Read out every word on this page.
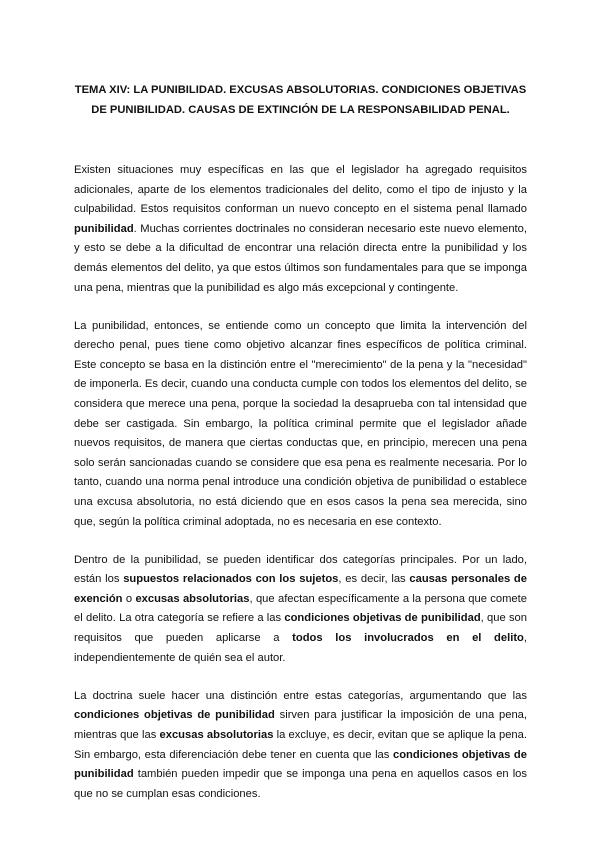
TEMA XIV: LA PUNIBILIDAD. EXCUSAS ABSOLUTORIAS. CONDICIONES OBJETIVAS DE PUNIBILIDAD. CAUSAS DE EXTINCIÓN DE LA RESPONSABILIDAD PENAL.

Existen situaciones muy específicas en las que el legislador ha agregado requisitos adicionales, aparte de los elementos tradicionales del delito, como el tipo de injusto y la culpabilidad. Estos requisitos conforman un nuevo concepto en el sistema penal llamado punibilidad. Muchas corrientes doctrinales no consideran necesario este nuevo elemento, y esto se debe a la dificultad de encontrar una relación directa entre la punibilidad y los demás elementos del delito, ya que estos últimos son fundamentales para que se imponga una pena, mientras que la punibilidad es algo más excepcional y contingente.

La punibilidad, entonces, se entiende como un concepto que limita la intervención del derecho penal, pues tiene como objetivo alcanzar fines específicos de política criminal. Este concepto se basa en la distinción entre el "merecimiento" de la pena y la "necesidad" de imponerla. Es decir, cuando una conducta cumple con todos los elementos del delito, se considera que merece una pena, porque la sociedad la desaprueba con tal intensidad que debe ser castigada. Sin embargo, la política criminal permite que el legislador añade nuevos requisitos, de manera que ciertas conductas que, en principio, merecen una pena solo serán sancionadas cuando se considere que esa pena es realmente necesaria. Por lo tanto, cuando una norma penal introduce una condición objetiva de punibilidad o establece una excusa absolutoria, no está diciendo que en esos casos la pena sea merecida, sino que, según la política criminal adoptada, no es necesaria en ese contexto.

Dentro de la punibilidad, se pueden identificar dos categorías principales. Por un lado, están los supuestos relacionados con los sujetos, es decir, las causas personales de exención o excusas absolutorias, que afectan específicamente a la persona que comete el delito. La otra categoría se refiere a las condiciones objetivas de punibilidad, que son requisitos que pueden aplicarse a todos los involucrados en el delito, independientemente de quién sea el autor.

La doctrina suele hacer una distinción entre estas categorías, argumentando que las condiciones objetivas de punibilidad sirven para justificar la imposición de una pena, mientras que las excusas absolutorias la excluye, es decir, evitan que se aplique la pena. Sin embargo, esta diferenciación debe tener en cuenta que las condiciones objetivas de punibilidad también pueden impedir que se imponga una pena en aquellos casos en los que no se cumplan esas condiciones.
